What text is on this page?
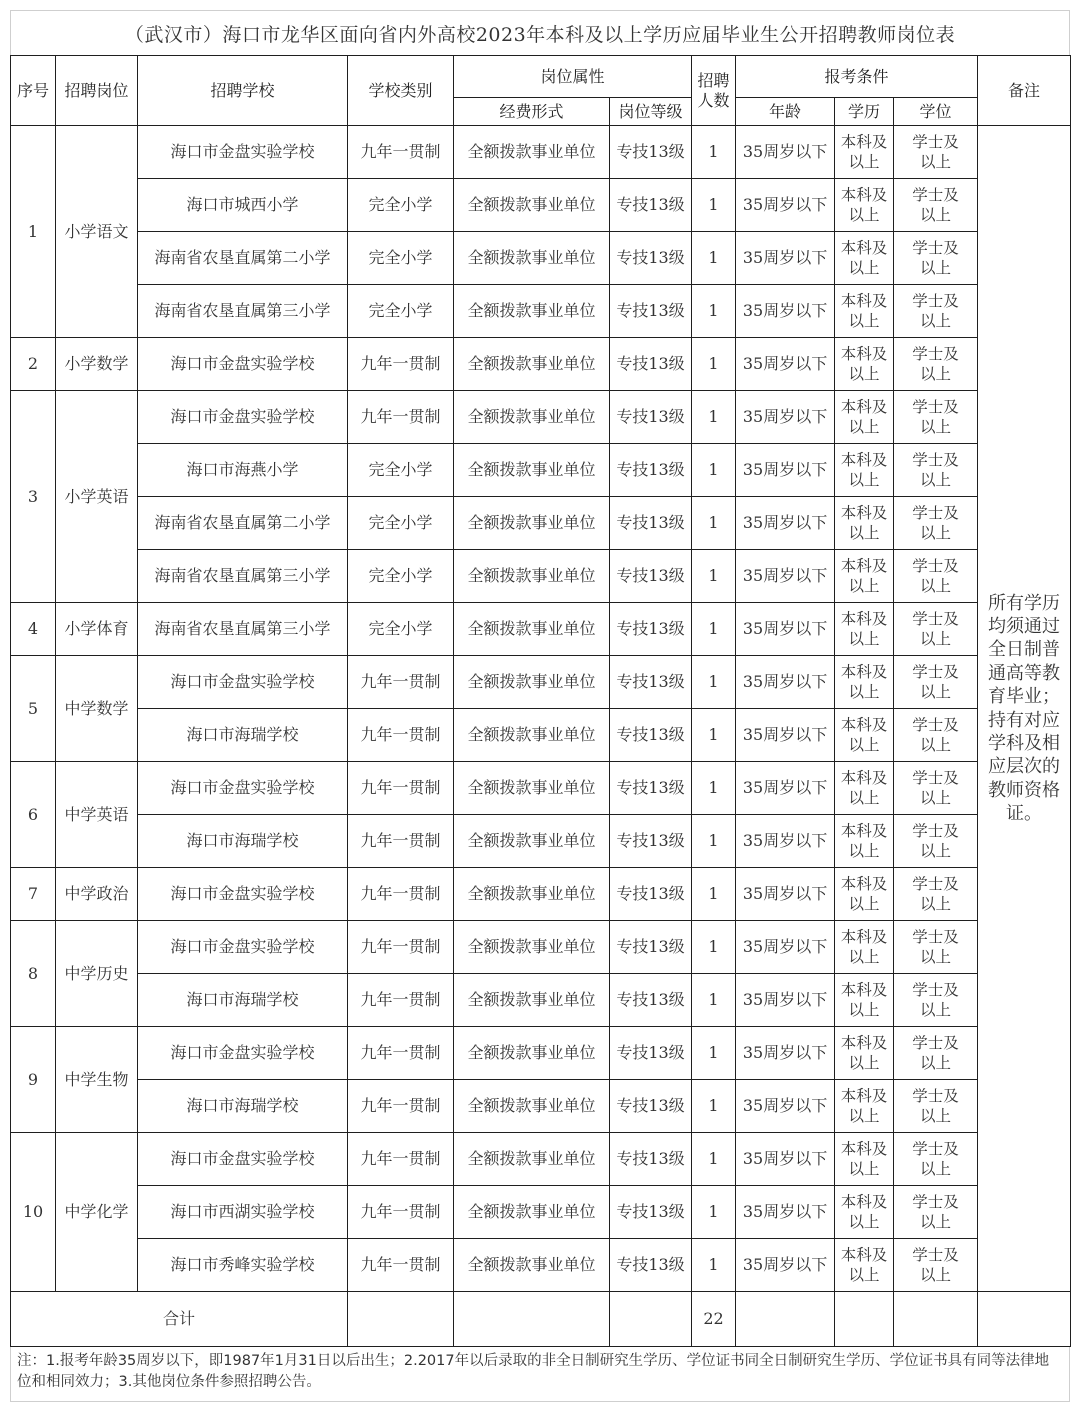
（武汉市）海口市龙华区面向省内外高校2023年本科及以上学历应届毕业生公开招聘教师岗位表
序号	招聘岗位	招聘学校	学校类别	岗位属性		招聘人数	报考条件			备注
				经费形式	岗位等级		年龄	学历	学位	
1	小学语文	海口市金盘实验学校	九年一贯制	全额拨款事业单位	专技13级	1	35周岁以下	本科及以上	学士及以上	所有学历均须通过全日制普通高等教育毕业；持有对应学科及相应层次的教师资格证。
		海口市城西小学	完全小学	全额拨款事业单位	专技13级	1	35周岁以下	本科及以上	学士及以上	
		海南省农垦直属第二小学	完全小学	全额拨款事业单位	专技13级	1	35周岁以下	本科及以上	学士及以上	
		海南省农垦直属第三小学	完全小学	全额拨款事业单位	专技13级	1	35周岁以下	本科及以上	学士及以上	
2	小学数学	海口市金盘实验学校	九年一贯制	全额拨款事业单位	专技13级	1	35周岁以下	本科及以上	学士及以上	
3	小学英语	海口市金盘实验学校	九年一贯制	全额拨款事业单位	专技13级	1	35周岁以下	本科及以上	学士及以上	
		海口市海燕小学	完全小学	全额拨款事业单位	专技13级	1	35周岁以下	本科及以上	学士及以上	
		海南省农垦直属第二小学	完全小学	全额拨款事业单位	专技13级	1	35周岁以下	本科及以上	学士及以上	
		海南省农垦直属第三小学	完全小学	全额拨款事业单位	专技13级	1	35周岁以下	本科及以上	学士及以上	
4	小学体育	海南省农垦直属第三小学	完全小学	全额拨款事业单位	专技13级	1	35周岁以下	本科及以上	学士及以上	
5	中学数学	海口市金盘实验学校	九年一贯制	全额拨款事业单位	专技13级	1	35周岁以下	本科及以上	学士及以上	
		海口市海瑞学校	九年一贯制	全额拨款事业单位	专技13级	1	35周岁以下	本科及以上	学士及以上	
6	中学英语	海口市金盘实验学校	九年一贯制	全额拨款事业单位	专技13级	1	35周岁以下	本科及以上	学士及以上	
		海口市海瑞学校	九年一贯制	全额拨款事业单位	专技13级	1	35周岁以下	本科及以上	学士及以上	
7	中学政治	海口市金盘实验学校	九年一贯制	全额拨款事业单位	专技13级	1	35周岁以下	本科及以上	学士及以上	
8	中学历史	海口市金盘实验学校	九年一贯制	全额拨款事业单位	专技13级	1	35周岁以下	本科及以上	学士及以上	
		海口市海瑞学校	九年一贯制	全额拨款事业单位	专技13级	1	35周岁以下	本科及以上	学士及以上	
9	中学生物	海口市金盘实验学校	九年一贯制	全额拨款事业单位	专技13级	1	35周岁以下	本科及以上	学士及以上	
		海口市海瑞学校	九年一贯制	全额拨款事业单位	专技13级	1	35周岁以下	本科及以上	学士及以上	
10	中学化学	海口市金盘实验学校	九年一贯制	全额拨款事业单位	专技13级	1	35周岁以下	本科及以上	学士及以上	
		海口市西湖实验学校	九年一贯制	全额拨款事业单位	专技13级	1	35周岁以下	本科及以上	学士及以上	
		海口市秀峰实验学校	九年一贯制	全额拨款事业单位	专技13级	1	35周岁以下	本科及以上	学士及以上	
合计						22				
注：1.报考年龄35周岁以下，即1987年1月31日以后出生；2.2017年以后录取的非全日制研究生学历、学位证书同全日制研究生学历、学位证书具有同等法律地位和相同效力；3.其他岗位条件参照招聘公告。
